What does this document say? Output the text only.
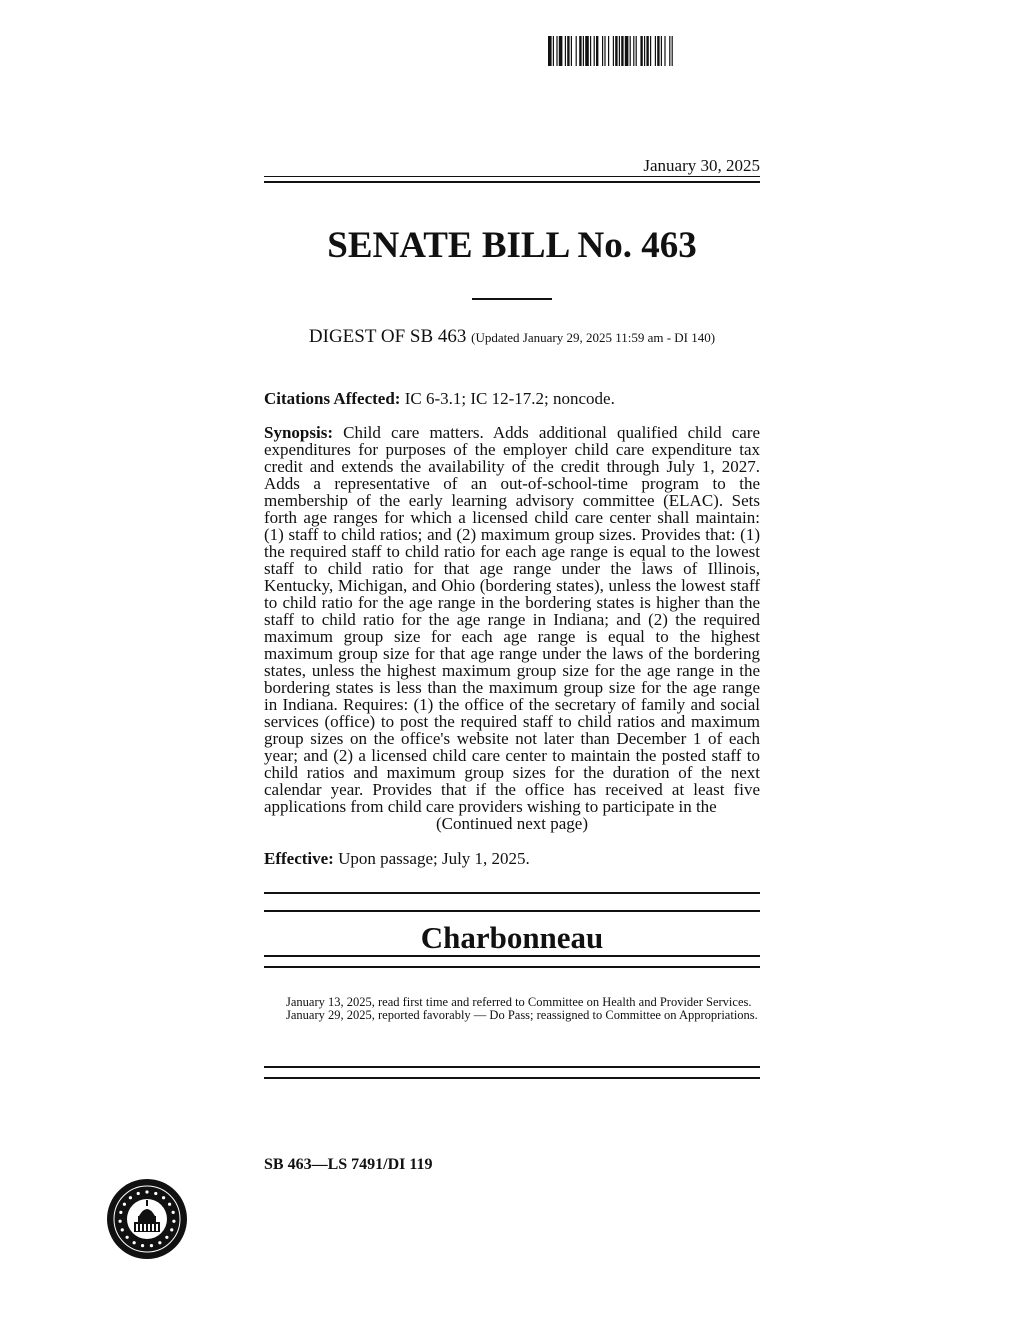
January 30, 2025
SENATE BILL No. 463
DIGEST OF SB 463 (Updated January 29, 2025 11:59 am - DI 140)
Citations Affected: IC 6-3.1; IC 12-17.2; noncode.
Synopsis: Child care matters. Adds additional qualified child care expenditures for purposes of the employer child care expenditure tax credit and extends the availability of the credit through July 1, 2027. Adds a representative of an out-of-school-time program to the membership of the early learning advisory committee (ELAC). Sets forth age ranges for which a licensed child care center shall maintain: (1) staff to child ratios; and (2) maximum group sizes. Provides that: (1) the required staff to child ratio for each age range is equal to the lowest staff to child ratio for that age range under the laws of Illinois, Kentucky, Michigan, and Ohio (bordering states), unless the lowest staff to child ratio for the age range in the bordering states is higher than the staff to child ratio for the age range in Indiana; and (2) the required maximum group size for each age range is equal to the highest maximum group size for that age range under the laws of the bordering states, unless the highest maximum group size for the age range in the bordering states is less than the maximum group size for the age range in Indiana. Requires: (1) the office of the secretary of family and social services (office) to post the required staff to child ratios and maximum group sizes on the office's website not later than December 1 of each year; and (2) a licensed child care center to maintain the posted staff to child ratios and maximum group sizes for the duration of the next calendar year. Provides that if the office has received at least five applications from child care providers wishing to participate in the
(Continued next page)
Effective: Upon passage; July 1, 2025.
Charbonneau

January 13, 2025, read first time and referred to Committee on Health and Provider Services.

January 29, 2025, reported favorably — Do Pass; reassigned to Committee on Appropriations.

SB 463—LS 7491/DI 119
